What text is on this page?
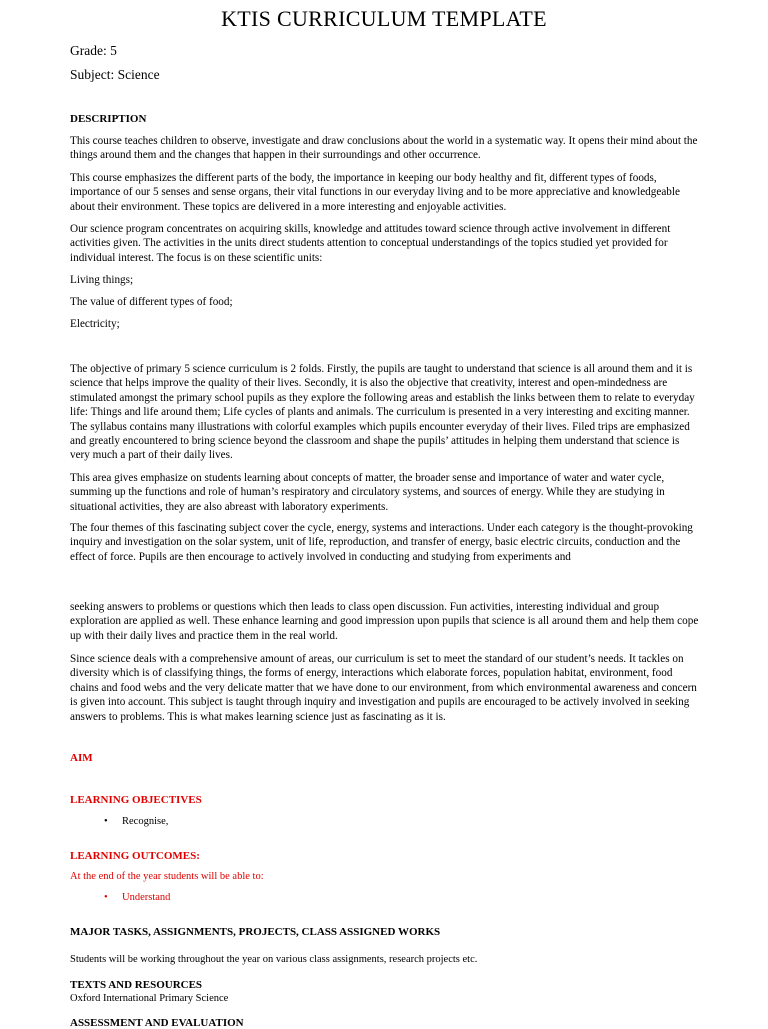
KTIS CURRICULUM TEMPLATE
Grade: 5
Subject: Science
DESCRIPTION
This course teaches children to observe, investigate and draw conclusions about the world in a systematic way. It opens their mind about the things around them and the changes that happen in their surroundings and other occurrence.
This course emphasizes the different parts of the body, the importance in keeping our body healthy and fit, different types of foods, importance of our 5 senses and sense organs, their vital functions in our everyday living and to be more appreciative and knowledgeable about their environment. These topics are delivered in a more interesting and enjoyable activities.
Our science program concentrates on acquiring skills, knowledge and attitudes toward science through active involvement in different activities given. The activities in the units direct students attention to conceptual understandings of the topics studied yet provided for individual interest. The focus is on these scientific units:
Living things;
The value of different types of food;
Electricity;
The objective of primary 5 science curriculum is 2 folds. Firstly, the pupils are taught to understand that science is all around them and it is science that helps improve the quality of their lives. Secondly, it is also the objective that creativity, interest and open-mindedness are stimulated amongst the primary school pupils as they explore the following areas and establish the links between them to relate to everyday life: Things and life around them; Life cycles of plants and animals. The curriculum is presented in a very interesting and exciting manner. The syllabus contains many illustrations with colorful examples which pupils encounter everyday of their lives. Filed trips are emphasized and greatly encountered to bring science beyond the classroom and shape the pupils’ attitudes in helping them understand that science is very much a part of their daily lives.
This area gives emphasize on students learning about concepts of matter, the broader sense and importance of water and water cycle, summing up the functions and role of human’s respiratory and circulatory systems, and sources of energy. While they are studying in situational activities, they are also abreast with laboratory experiments.
The four themes of this fascinating subject cover the cycle, energy, systems and interactions. Under each category is the thought-provoking inquiry and investigation on the solar system, unit of life, reproduction, and transfer of energy, basic electric circuits, conduction and the effect of force. Pupils are then encourage to actively involved in conducting and studying from experiments and
seeking answers to problems or questions which then leads to class open discussion. Fun activities, interesting individual and group exploration are applied as well. These enhance learning and good impression upon pupils that science is all around them and help them cope up with their daily lives and practice them in the real world.
Since science deals with a comprehensive amount of areas, our curriculum is set to meet the standard of our student’s needs. It tackles on diversity which is of classifying things, the forms of energy, interactions which elaborate forces, population habitat, environment, food chains and food webs and the very delicate matter that we have done to our environment, from which environmental awareness and concern is given into account. This subject is taught through inquiry and investigation and pupils are encouraged to be actively involved in seeking answers to problems. This is what makes learning science just as fascinating as it is.
AIM
LEARNING OBJECTIVES
• Recognise,
LEARNING OUTCOMES:
At the end of the year students will be able to:
• Understand
MAJOR TASKS, ASSIGNMENTS, PROJECTS, CLASS ASSIGNED WORKS
Students will be working throughout the year on various class assignments, research projects etc.
TEXTS AND RESOURCES
Oxford International Primary Science
ASSESSMENT AND EVALUATION
